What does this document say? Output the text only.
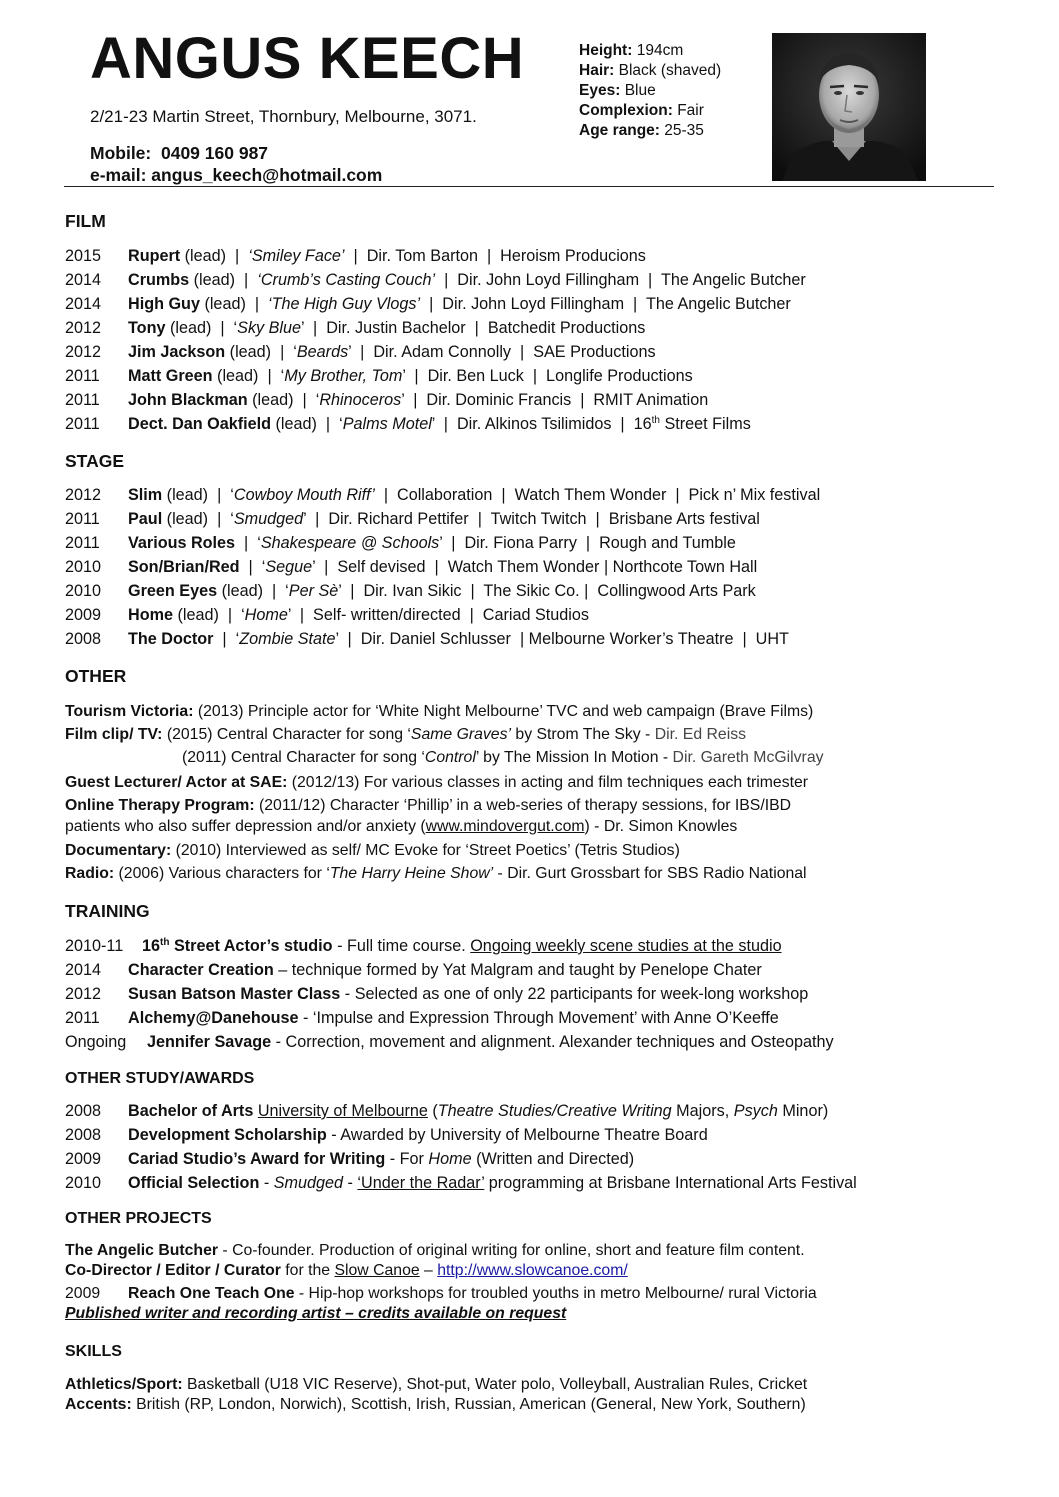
ANGUS KEECH
2/21-23 Martin Street, Thornbury, Melbourne, 3071.
Mobile: 0409 160 987
e-mail: angus_keech@hotmail.com
Height: 194cm
Hair: Black (shaved)
Eyes: Blue
Complexion: Fair
Age range: 25-35
FILM
2015 Rupert (lead)  |  ‘Smiley Face’  |  Dir. Tom Barton  |  Heroism Producions
2014 Crumbs (lead)  |  ‘Crumb’s Casting Couch’  |  Dir. John Loyd Fillingham  |  The Angelic Butcher
2014 High Guy (lead)  |  ‘The High Guy Vlogs’  |  Dir. John Loyd Fillingham  |  The Angelic Butcher
2012 Tony (lead)  |  ‘Sky Blue’  |  Dir. Justin Bachelor  |  Batchedit Productions
2012 Jim Jackson (lead)  |  ‘Beards’  |  Dir. Adam Connolly  |  SAE Productions
2011 Matt Green (lead)  |  ‘My Brother, Tom’  |  Dir. Ben Luck  |  Longlife Productions
2011 John Blackman (lead)  |  ‘Rhinoceros’  |  Dir. Dominic Francis  |  RMIT Animation
2011 Dect. Dan Oakfield (lead)  |  ‘Palms Motel’  |  Dir. Alkinos Tsilimidos  |  16th Street Films
STAGE
2012 Slim (lead)  |  ‘Cowboy Mouth Riff’  |  Collaboration  |  Watch Them Wonder  |  Pick n’ Mix festival
2011 Paul (lead)  |  ‘Smudged’  |  Dir. Richard Pettifer  |  Twitch Twitch  |  Brisbane Arts festival
2011 Various Roles  |  ‘Shakespeare @ Schools’  |  Dir. Fiona Parry  |  Rough and Tumble
2010 Son/Brian/Red  |  ‘Segue’  |  Self devised  |  Watch Them Wonder | Northcote Town Hall
2010 Green Eyes (lead)  |  ‘Per Sè’  |  Dir. Ivan Sikic  |  The Sikic Co. |  Collingwood Arts Park
2009 Home (lead)  |  ‘Home’  |  Self- written/directed  |  Cariad Studios
2008 The Doctor  |  ‘Zombie State’  |  Dir. Daniel Schlusser  | Melbourne Worker’s Theatre  |  UHT
OTHER
Tourism Victoria: (2013) Principle actor for ‘White Night Melbourne’ TVC and web campaign (Brave Films)
Film clip/ TV: (2015) Central Character for song ‘Same Graves’ by Strom The Sky - Dir. Ed Reiss
(2011) Central Character for song ‘Control’ by The Mission In Motion - Dir. Gareth McGilvray
Guest Lecturer/ Actor at SAE: (2012/13) For various classes in acting and film techniques each trimester
Online Therapy Program: (2011/12) Character ‘Phillip’ in a web-series of therapy sessions, for IBS/IBD
patients who also suffer depression and/or anxiety (www.mindovergut.com) - Dr. Simon Knowles
Documentary: (2010) Interviewed as self/ MC Evoke for ‘Street Poetics’ (Tetris Studios)
Radio: (2006) Various characters for ‘The Harry Heine Show’ - Dir. Gurt Grossbart for SBS Radio National
TRAINING
2010-11 16th Street Actor’s studio - Full time course. Ongoing weekly scene studies at the studio
2014 Character Creation – technique formed by Yat Malgram and taught by Penelope Chater
2012 Susan Batson Master Class - Selected as one of only 22 participants for week-long workshop
2011 Alchemy@Danehouse - ‘Impulse and Expression Through Movement’ with Anne O’Keeffe
Ongoing Jennifer Savage - Correction, movement and alignment. Alexander techniques and Osteopathy
OTHER STUDY/AWARDS
2008 Bachelor of Arts University of Melbourne (Theatre Studies/Creative Writing Majors, Psych Minor)
2008 Development Scholarship - Awarded by University of Melbourne Theatre Board
2009 Cariad Studio’s Award for Writing - For Home (Written and Directed)
2010 Official Selection - Smudged - ‘Under the Radar’ programming at Brisbane International Arts Festival
OTHER PROJECTS
The Angelic Butcher - Co-founder. Production of original writing for online, short and feature film content.
Co-Director / Editor / Curator for the Slow Canoe – http://www.slowcanoe.com/
2009 Reach One Teach One - Hip-hop workshops for troubled youths in metro Melbourne/ rural Victoria
Published writer and recording artist – credits available on request
SKILLS
Athletics/Sport: Basketball (U18 VIC Reserve), Shot-put, Water polo, Volleyball, Australian Rules, Cricket
Accents: British (RP, London, Norwich), Scottish, Irish, Russian, American (General, New York, Southern)
